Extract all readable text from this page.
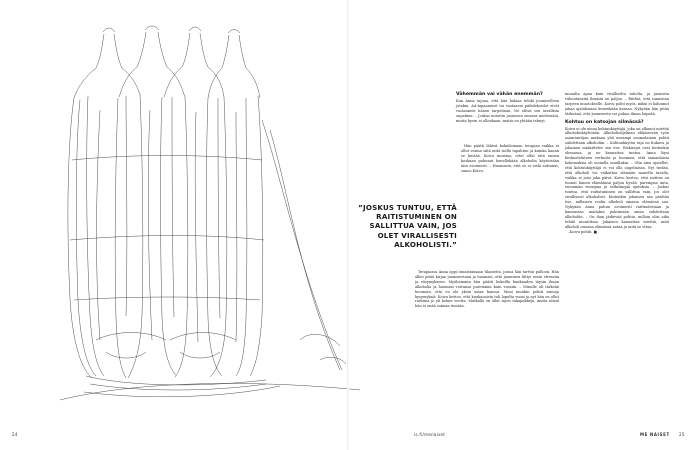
”JOSKUS TUNTUU, ETTÄ RAITISTUMINEN ON SALLITTUA VAIN, JOS OLET VIRALLISESTI ALKOHOLISTI.”

Vähemmän vai vähän enemmän?

Kun Anna tajuaa, että hän haluaa tehdä juomiselleen jotakin, AA-tapaamiset tai vastaavat päihdehoidot eivät vastanneet hänen tarpeitaan. Ne olivat sen tavallisia ongelmia. – Joskus mitoitin juomisen omassa mielessäni, mutta hyvin ei ollenkaan, mutta en yhtään tehnyt.

Hän päätti lähteä kokeilemaan terapiaa vaikka ei ollut varma siitä mitä siellä tapahtuu ja kuinka kauan se kestää. Koivu muistaa, ettei ollut tätä ennen koskaan puhunut kenellekään alkoholin käytöstään niin avoimesti. – Huomasin, että se ei vielä auttanut, sanoo Koivu.

Terapiassa Anna oppi tunnistamaan tilanteita, joissa hän tarttui pulloon. Hän alkoi pitää kirjaa juomisestaan ja huomasi, että juominen liittyi usein stressiin ja väsymykseen. Myöhemmin hän päätti kokeilla kuukauden täysin ilman alkoholia ja huomasi voivansa paremmin kuin vuosiin. – Minulle oli tärkeää huomata, että en ole yksin asian kanssa. Moni muukin pohtii samoja kysymyksiä. Koivu kertoo, että kuukausista tuli lopulta vuosi ja nyt hän on ollut raittiina jo yli kolme vuotta. Matkalla on ollut myös takapakkeja, mutta niistä hän ei enää soimaa itseään.

muualta apua kuin viralliselta taholta, ja juomista vähentäneitä ihmisiä on paljon. – Riittää, että tunnistaa tarpeen muutokselle. Koivu pohti myös, miksi ei halunnut jakaa ajatuksiaan kenenkään kanssa. Nykyään hän pitää tärkeänä, että juomisesta voi puhua ilman häpeää.

Kohtuu on katsojan silmässä?

Koivu ei ole ainoa kohtuukäyttäjä, joka on alkanut miettiä alkoholinkäyttöään. Alkoholiohjelman ehkäisevän työn asiantuntijan mukaan yhä useampi suomalainen pohtii suhdettaan alkoholiin. – Kohtuukäytön raja on liukuva ja jokainen määrittelee sen itse. Riskirajat ovat kuitenkin olemassa, ja ne kannattaa tuntea. Anna löysi keskustelutuen verkosta ja huomasi, että samanlaisia kokemuksia oli monella muullakin. – Olin aina ajatellut, että kohtuukäyttäjä ei voi olla ongelmissa. Nyt tiedän, että alkoholi voi vaikuttaa elämään monella tavalla, vaikka ei joisi joka päivä. Koivu kertoo, että raittius on tuonut hänen elämäänsä paljon hyvää: parempaa unta, enemmän energiaa ja selkeämpiä ajatuksia. – Joskus tuntuu, että raitistuminen on sallittua vain, jos olet virallisesti alkoholisti. Kuitenkin jokainen saa päättää itse, millaisen roolin alkoholi omassa elämässä saa. Nykyään Anna puhuu avoimesti raittiudestaan ja kannustaa muitakin pohtimaan omaa suhdettaan alkoholiin. – On ihan järkevää pohtia, milloin olisi aika tehdä muutoksia. Jokaisen kannattaa miettiä, mitä alkoholi omassa elämässä antaa ja mitä se ottaa.

–Koivu pohtii. ■

24	is.fi/menaiset	ME NAISET 25
